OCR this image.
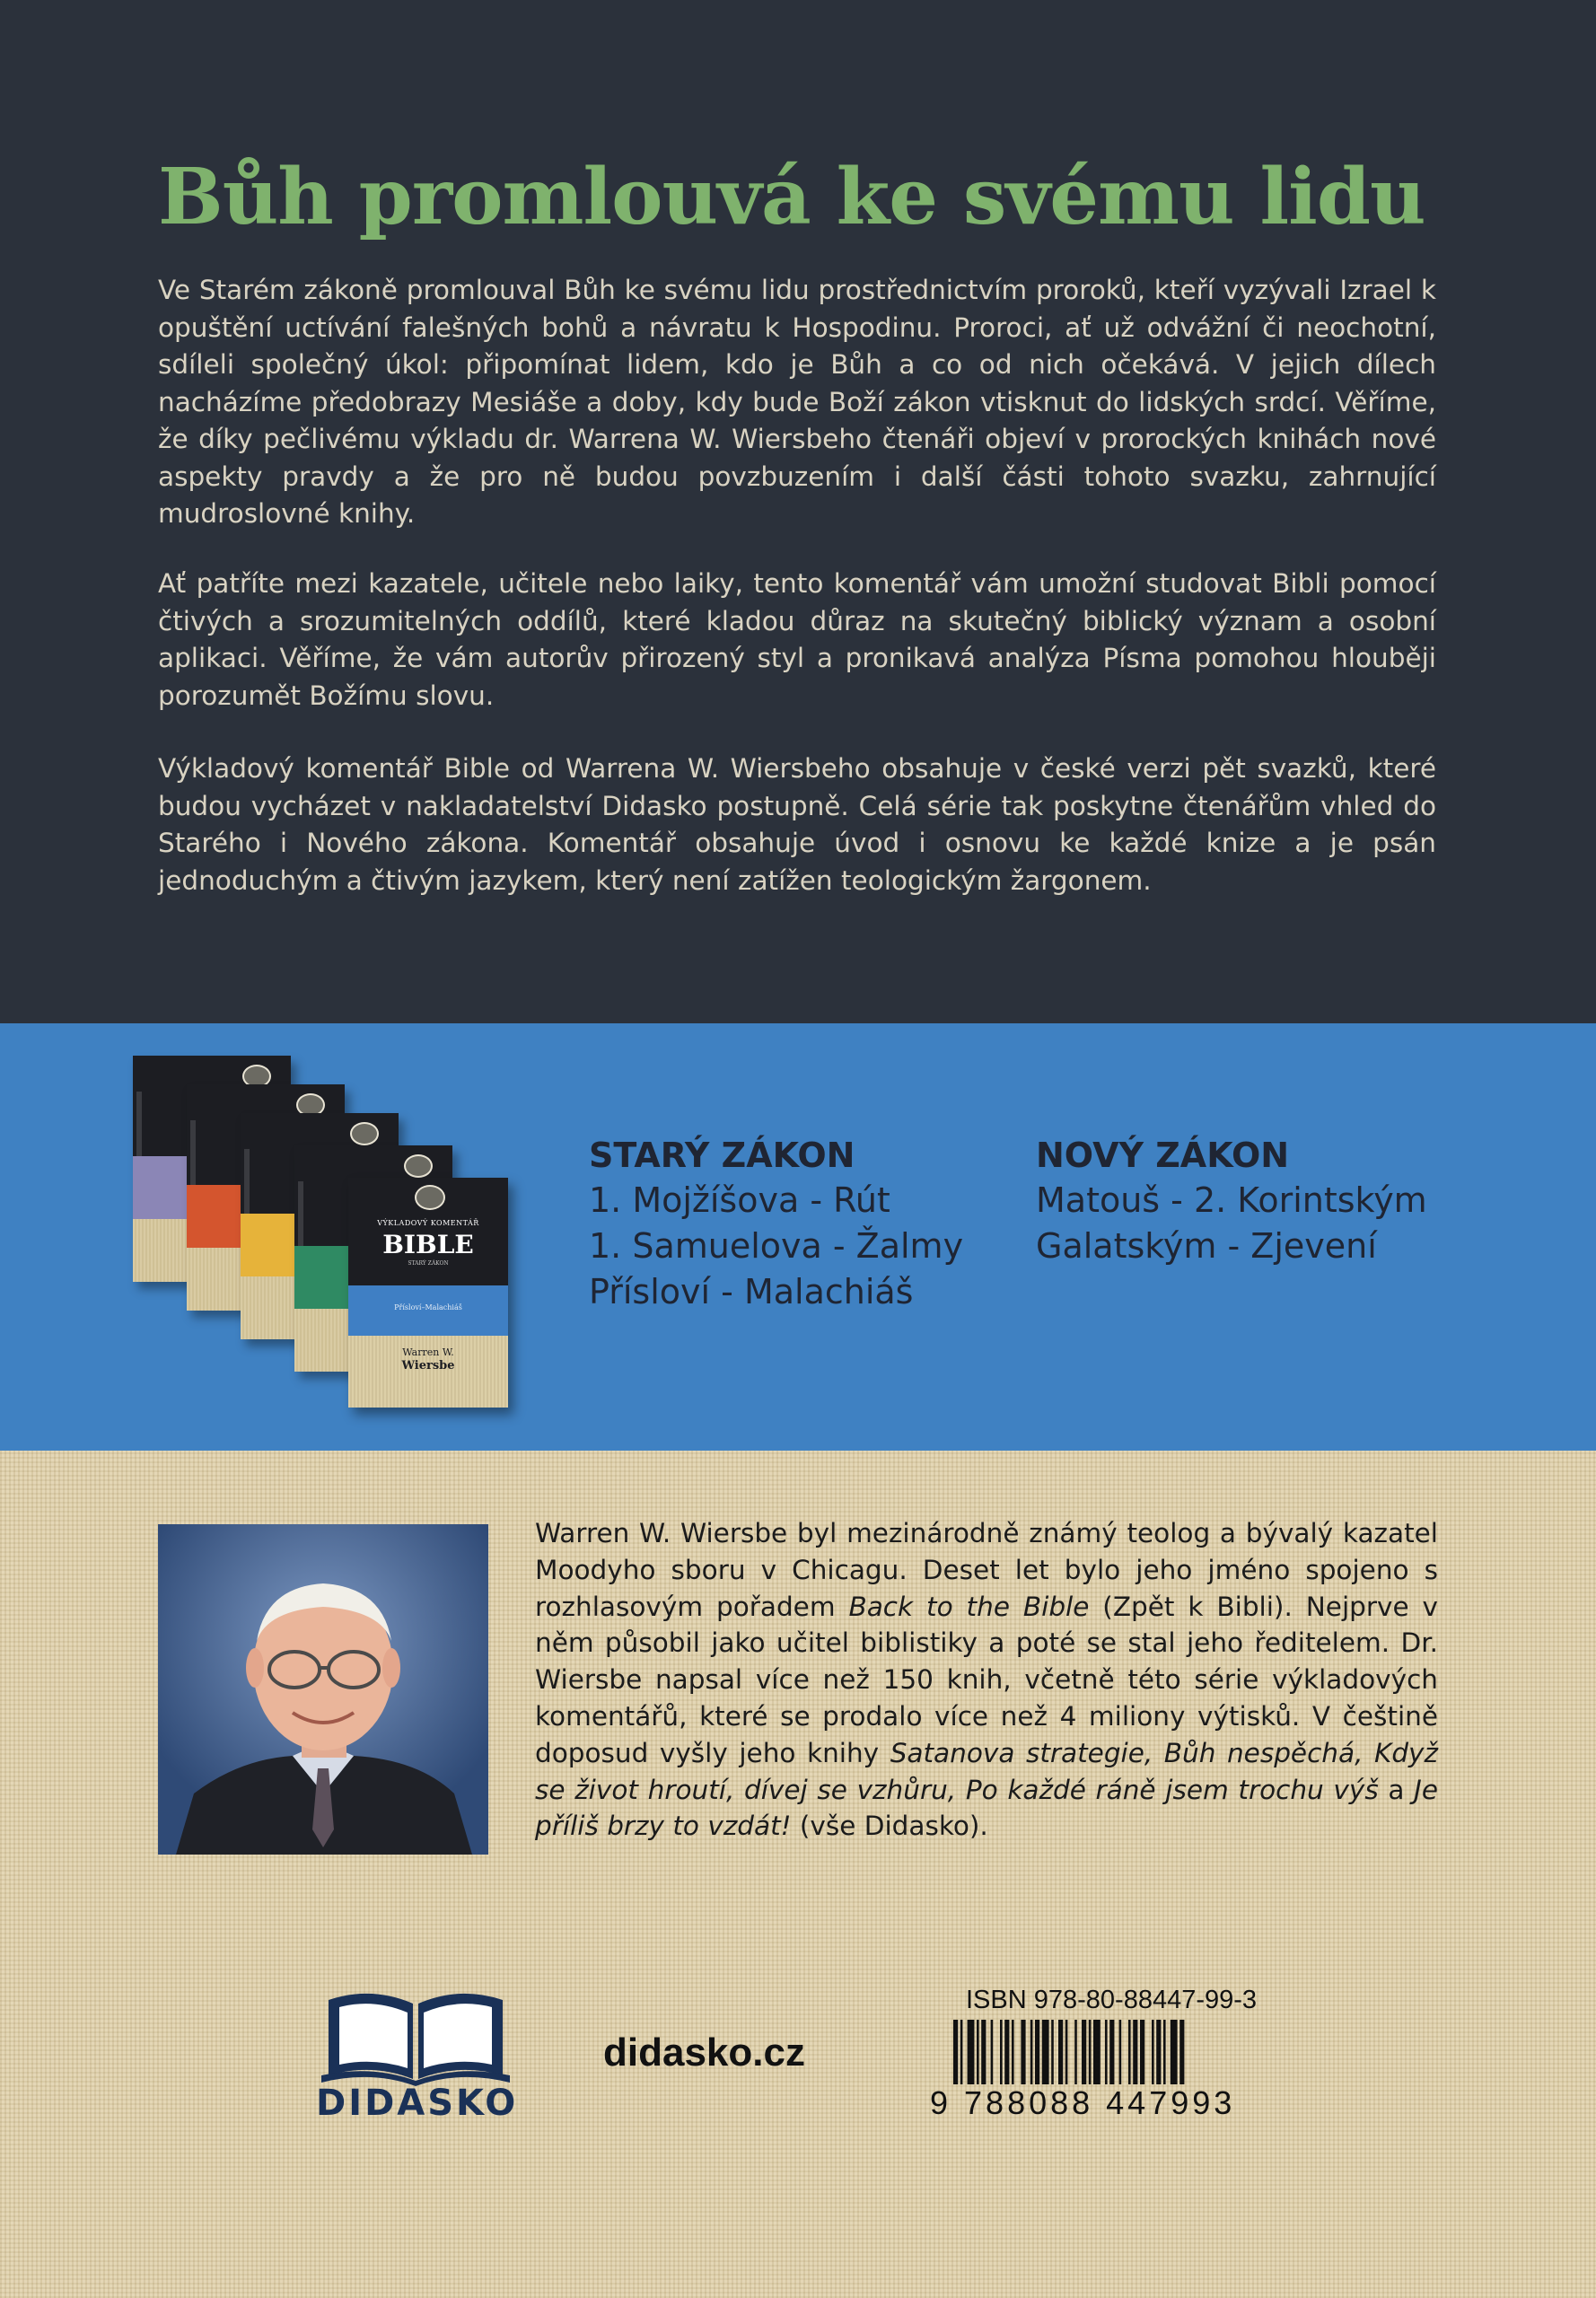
Bůh promlouvá ke svému lidu

Ve Starém zákoně promlouval Bůh ke svému lidu prostřednictvím proroků, kteří vyzývali Izrael k opuštění uctívání falešných bohů a návratu k Hospodinu. Proroci, ať už odvážní či neochotní, sdíleli společný úkol: připomínat lidem, kdo je Bůh a co od nich očekává. V jejich dílech nacházíme předobrazy Mesiáše a doby, kdy bude Boží zákon vtisknut do lidských srdcí. Věříme, že díky pečlivému výkladu dr. Warrena W. Wiersbeho čtenáři objeví v prorockých knihách nové aspekty pravdy a že pro ně budou povzbuzením i další části tohoto svazku, zahrnující mudroslovné knihy.

Ať patříte mezi kazatele, učitele nebo laiky, tento komentář vám umožní studovat Bibli pomocí čtivých a srozumitelných oddílů, které kladou důraz na skutečný biblický význam a osobní aplikaci. Věříme, že vám autorův přirozený styl a pronikavá analýza Písma pomohou hlouběji porozumět Božímu slovu.

Výkladový komentář Bible od Warrena W. Wiersbeho obsahuje v české verzi pět svazků, které budou vycházet v nakladatelství Didasko postupně. Celá série tak poskytne čtenářům vhled do Starého i Nového zákona. Komentář obsahuje úvod i osnovu ke každé knize a je psán jednoduchým a čtivým jazykem, který není zatížen teologickým žargonem.

VÝKLADOVÝ KOMENTÁŘ
BIBLE
STARÝ ZÁKON
Přísloví–Malachiáš
Warren W.
Wiersbe
STARÝ ZÁKON
1. Mojžíšova - Rút
1. Samuelova - Žalmy
Přísloví - Malachiáš
NOVÝ ZÁKON
Matouš - 2. Korintským
Galatským - Zjevení

Warren W. Wiersbe byl mezinárodně známý teolog a bývalý kazatel Moodyho sboru v Chicagu. Deset let bylo jeho jméno spojeno s rozhlasovým pořadem Back to the Bible (Zpět k Bibli). Nejprve v něm působil jako učitel biblistiky a poté se stal jeho ředitelem. Dr. Wiersbe napsal více než 150 knih, včetně této série výkladových komentářů, které se prodalo více než 4 miliony výtisků. V češtině doposud vyšly jeho knihy Satanova strategie, Bůh nespěchá, Když se život hroutí, dívej se vzhůru, Po každé ráně jsem trochu výš a Je příliš brzy to vzdát! (vše Didasko).

DIDASKO
didasko.cz
ISBN 978-80-88447-99-3
9 788088 447993
